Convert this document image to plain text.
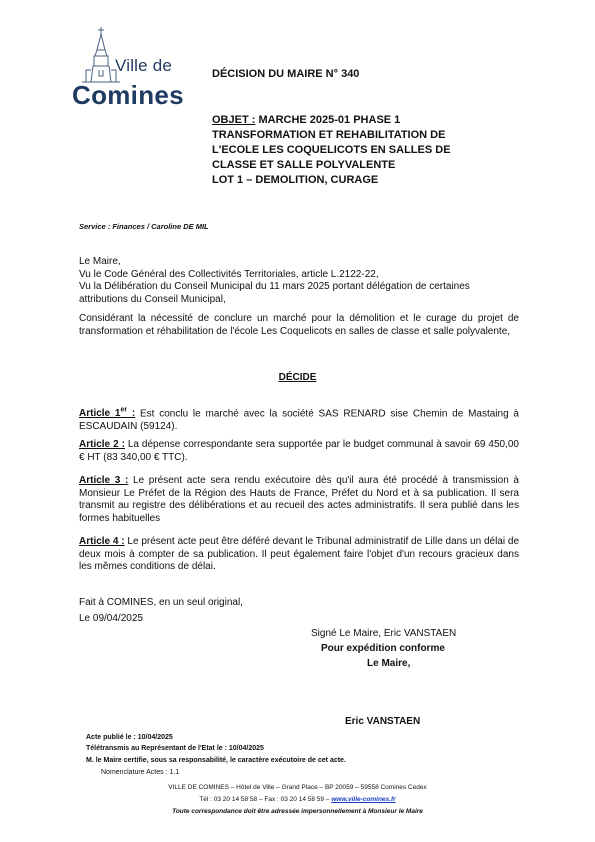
Ville de
Comines
DÉCISION DU MAIRE N° 340
OBJET : MARCHE 2025-01 PHASE 1
TRANSFORMATION ET REHABILITATION DE
L'ECOLE LES COQUELICOTS EN SALLES DE
CLASSE ET SALLE POLYVALENTE
LOT 1 – DEMOLITION, CURAGE
Service : Finances / Caroline DE MIL
Le Maire,
Vu le Code Général des Collectivités Territoriales, article L.2122-22,
Vu la Délibération du Conseil Municipal du 11 mars 2025 portant délégation de certaines attributions du Conseil Municipal,
Considérant la nécessité de conclure un marché pour la démolition et le curage du projet de transformation et réhabilitation de l'école Les Coquelicots en salles de classe et salle polyvalente,
DÉCIDE
Article 1er : Est conclu le marché avec la société SAS RENARD sise Chemin de Mastaing à ESCAUDAIN (59124).
Article 2 : La dépense correspondante sera supportée par le budget communal à savoir 69 450,00 € HT (83 340,00 € TTC).
Article 3 : Le présent acte sera rendu exécutoire dès qu'il aura été procédé à transmission à Monsieur Le Préfet de la Région des Hauts de France, Préfet du Nord et à sa publication. Il sera transmit au registre des délibérations et au recueil des actes administratifs. Il sera publié dans les formes habituelles
Article 4 : Le présent acte peut être déféré devant le Tribunal administratif de Lille dans un délai de deux mois à compter de sa publication. Il peut également faire l'objet d'un recours gracieux dans les mêmes conditions de délai.
Fait à COMINES, en un seul original,
Le 09/04/2025
Signé Le Maire, Eric VANSTAEN
Pour expédition conforme
Le Maire,
Eric VANSTAEN
Acte publié le : 10/04/2025
Télétransmis au Représentant de l'Etat le : 10/04/2025
M. le Maire certifie, sous sa responsabilité, le caractère exécutoire de cet acte.
Nomenclature Actes : 1.1
VILLE DE COMINES – Hôtel de Ville – Grand Place – BP 20059 – 59558 Comines Cedex
Tél : 03 20 14 58 58 – Fax : 03 20 14 58 59 – www.ville-comines.fr
Toute correspondance doit être adressée impersonnellement à Monsieur le Maire
